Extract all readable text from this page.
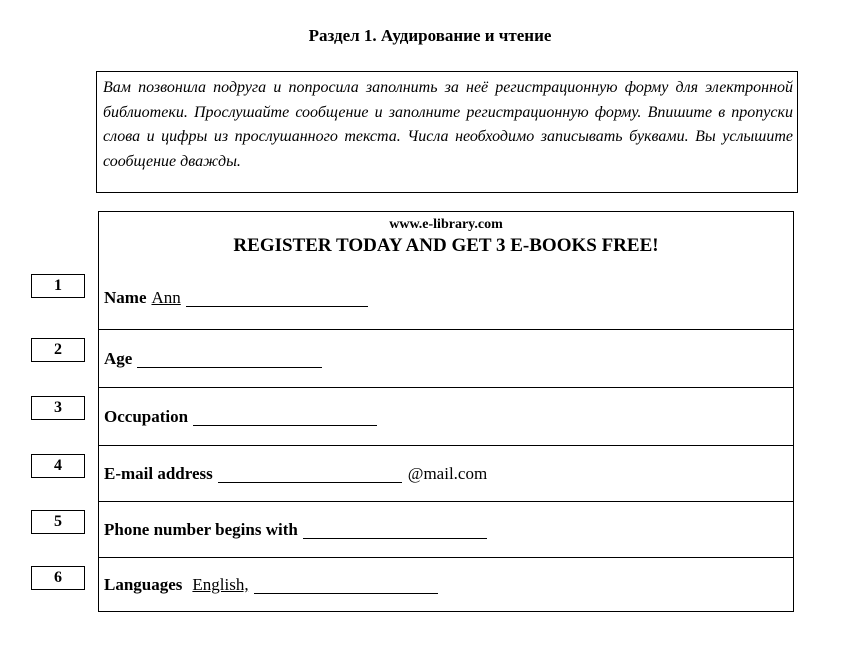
Раздел 1. Аудирование и чтение
Вам позвонила подруга и попросила заполнить за неё регистрационную форму для электронной библиотеки. Прослушайте сообщение и заполните регистрационную форму. Впишите в пропуски слова и цифры из прослушанного текста. Числа необходимо записывать буквами. Вы услышите сообщение дважды.
1
2
3
4
5
6
www.e-library.com
REGISTER TODAY AND GET 3 E-BOOKS FREE!
Name Ann
Age
Occupation
E-mail address	@mail.com
Phone number begins with
Languages English,
